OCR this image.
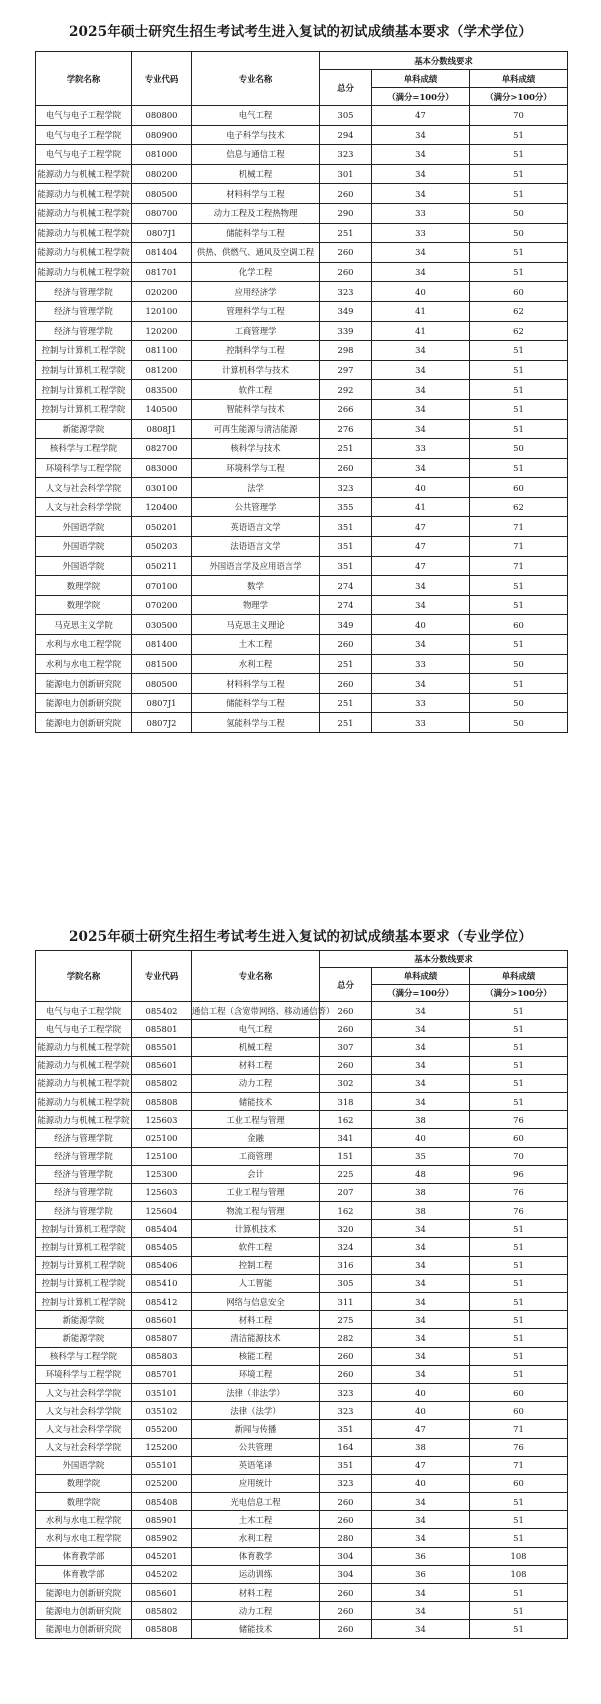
2025年硕士研究生招生考试考生进入复试的初试成绩基本要求（学术学位）
学院名称	专业代码	专业名称	基本分数线要求		
			总分	单科成绩	单科成绩
				（满分=100分）	（满分>100分）
电气与电子工程学院	080800	电气工程	305	47	70
电气与电子工程学院	080900	电子科学与技术	294	34	51
电气与电子工程学院	081000	信息与通信工程	323	34	51
能源动力与机械工程学院	080200	机械工程	301	34	51
能源动力与机械工程学院	080500	材料科学与工程	260	34	51
能源动力与机械工程学院	080700	动力工程及工程热物理	290	33	50
能源动力与机械工程学院	0807J1	储能科学与工程	251	33	50
能源动力与机械工程学院	081404	供热、供燃气、通风及空调工程	260	34	51
能源动力与机械工程学院	081701	化学工程	260	34	51
经济与管理学院	020200	应用经济学	323	40	60
经济与管理学院	120100	管理科学与工程	349	41	62
经济与管理学院	120200	工商管理学	339	41	62
控制与计算机工程学院	081100	控制科学与工程	298	34	51
控制与计算机工程学院	081200	计算机科学与技术	297	34	51
控制与计算机工程学院	083500	软件工程	292	34	51
控制与计算机工程学院	140500	智能科学与技术	266	34	51
新能源学院	0808J1	可再生能源与清洁能源	276	34	51
核科学与工程学院	082700	核科学与技术	251	33	50
环境科学与工程学院	083000	环境科学与工程	260	34	51
人文与社会科学学院	030100	法学	323	40	60
人文与社会科学学院	120400	公共管理学	355	41	62
外国语学院	050201	英语语言文学	351	47	71
外国语学院	050203	法语语言文学	351	47	71
外国语学院	050211	外国语言学及应用语言学	351	47	71
数理学院	070100	数学	274	34	51
数理学院	070200	物理学	274	34	51
马克思主义学院	030500	马克思主义理论	349	40	60
水利与水电工程学院	081400	土木工程	260	34	51
水利与水电工程学院	081500	水利工程	251	33	50
能源电力创新研究院	080500	材料科学与工程	260	34	51
能源电力创新研究院	0807J1	储能科学与工程	251	33	50
能源电力创新研究院	0807J2	氢能科学与工程	251	33	50
2025年硕士研究生招生考试考生进入复试的初试成绩基本要求（专业学位）
学院名称	专业代码	专业名称	基本分数线要求		
			总分	单科成绩	单科成绩
				（满分=100分）	（满分>100分）
电气与电子工程学院	085402	通信工程（含宽带网络、移动通信等）	260	34	51
电气与电子工程学院	085801	电气工程	260	34	51
能源动力与机械工程学院	085501	机械工程	307	34	51
能源动力与机械工程学院	085601	材料工程	260	34	51
能源动力与机械工程学院	085802	动力工程	302	34	51
能源动力与机械工程学院	085808	储能技术	318	34	51
能源动力与机械工程学院	125603	工业工程与管理	162	38	76
经济与管理学院	025100	金融	341	40	60
经济与管理学院	125100	工商管理	151	35	70
经济与管理学院	125300	会计	225	48	96
经济与管理学院	125603	工业工程与管理	207	38	76
经济与管理学院	125604	物流工程与管理	162	38	76
控制与计算机工程学院	085404	计算机技术	320	34	51
控制与计算机工程学院	085405	软件工程	324	34	51
控制与计算机工程学院	085406	控制工程	316	34	51
控制与计算机工程学院	085410	人工智能	305	34	51
控制与计算机工程学院	085412	网络与信息安全	311	34	51
新能源学院	085601	材料工程	275	34	51
新能源学院	085807	清洁能源技术	282	34	51
核科学与工程学院	085803	核能工程	260	34	51
环境科学与工程学院	085701	环境工程	260	34	51
人文与社会科学学院	035101	法律（非法学）	323	40	60
人文与社会科学学院	035102	法律（法学）	323	40	60
人文与社会科学学院	055200	新闻与传播	351	47	71
人文与社会科学学院	125200	公共管理	164	38	76
外国语学院	055101	英语笔译	351	47	71
数理学院	025200	应用统计	323	40	60
数理学院	085408	光电信息工程	260	34	51
水利与水电工程学院	085901	土木工程	260	34	51
水利与水电工程学院	085902	水利工程	280	34	51
体育教学部	045201	体育教学	304	36	108
体育教学部	045202	运动训练	304	36	108
能源电力创新研究院	085601	材料工程	260	34	51
能源电力创新研究院	085802	动力工程	260	34	51
能源电力创新研究院	085808	储能技术	260	34	51
